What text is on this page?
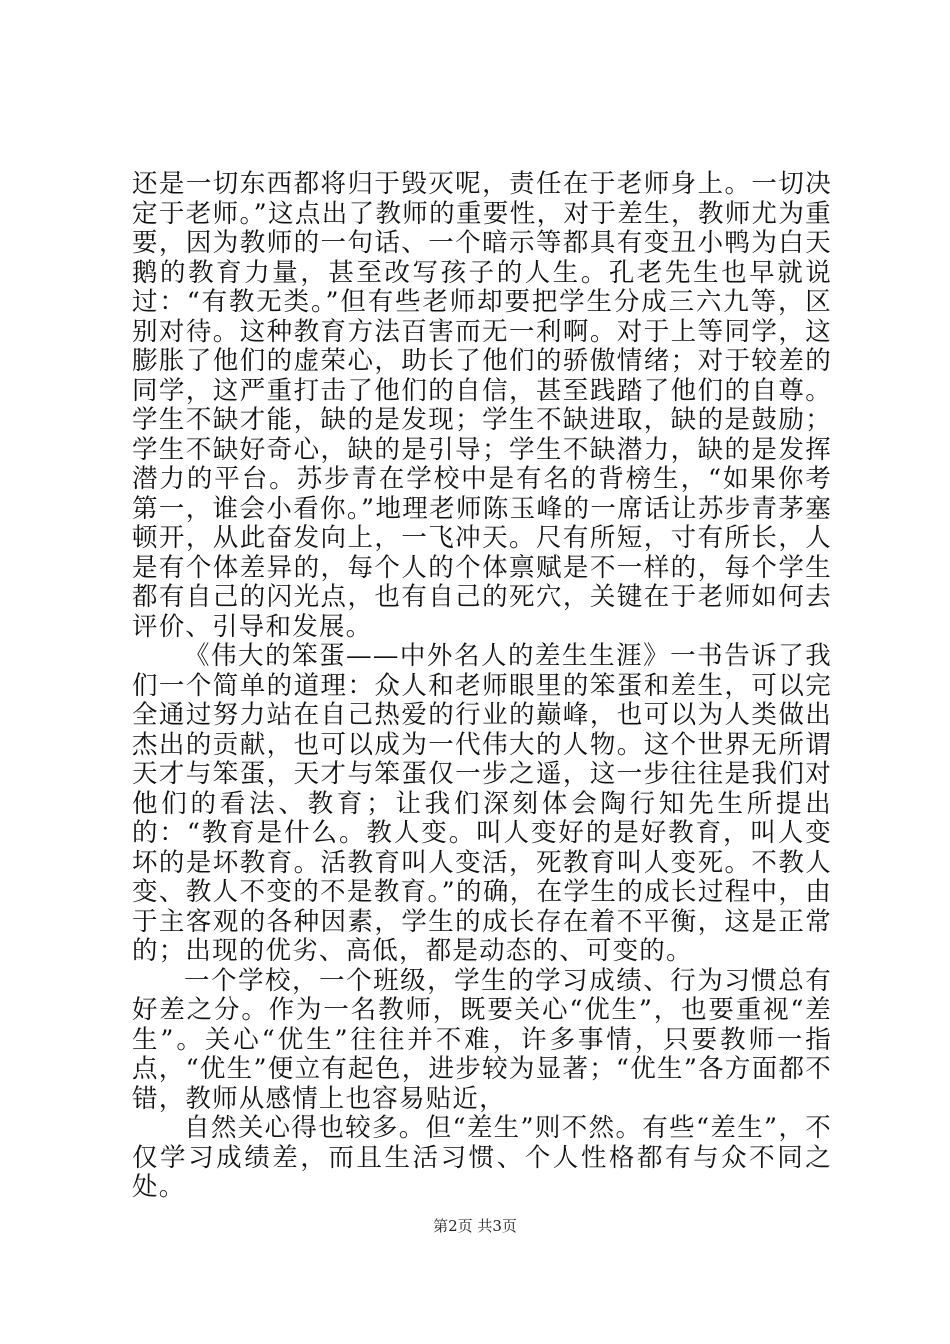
还是一切东西都将归于毁灭呢，责任在于老师身上。一切决定于老师。”这点出了教师的重要性，对于差生，教师尤为重要，因为教师的一句话、一个暗示等都具有变丑小鸭为白天鹅的教育力量，甚至改写孩子的人生。孔老先生也早就说过：“有教无类。”但有些老师却要把学生分成三六九等，区别对待。这种教育方法百害而无一利啊。对于上等同学，这膨胀了他们的虚荣心，助长了他们的骄傲情绪；对于较差的同学，这严重打击了他们的自信，甚至践踏了他们的自尊。学生不缺才能，缺的是发现；学生不缺进取，缺的是鼓励；学生不缺好奇心，缺的是引导；学生不缺潜力，缺的是发挥潜力的平台。苏步青在学校中是有名的背榜生，“如果你考第一，谁会小看你。”地理老师陈玉峰的一席话让苏步青茅塞顿开，从此奋发向上，一飞冲天。尺有所短，寸有所长，人是有个体差异的，每个人的个体禀赋是不一样的，每个学生都有自己的闪光点，也有自己的死穴，关键在于老师如何去评价、引导和发展。

《伟大的笨蛋——中外名人的差生生涯》一书告诉了我们一个简单的道理：众人和老师眼里的笨蛋和差生，可以完全通过努力站在自己热爱的行业的巅峰，也可以为人类做出杰出的贡献，也可以成为一代伟大的人物。这个世界无所谓天才与笨蛋，天才与笨蛋仅一步之遥，这一步往往是我们对他们的看法、教育；让我们深刻体会陶行知先生所提出的：“教育是什么。教人变。叫人变好的是好教育，叫人变坏的是坏教育。活教育叫人变活，死教育叫人变死。不教人变、教人不变的不是教育。”的确，在学生的成长过程中，由于主客观的各种因素，学生的成长存在着不平衡，这是正常的；出现的优劣、高低，都是动态的、可变的。

一个学校，一个班级，学生的学习成绩、行为习惯总有好差之分。作为一名教师，既要关心“优生”，也要重视“差生”。关心“优生”往往并不难，许多事情，只要教师一指点，“优生”便立有起色，进步较为显著；“优生”各方面都不错，教师从感情上也容易贴近，

自然关心得也较多。但“差生”则不然。有些“差生”，不仅学习成绩差，而且生活习惯、个人性格都有与众不同之处。

第2页 共3页
